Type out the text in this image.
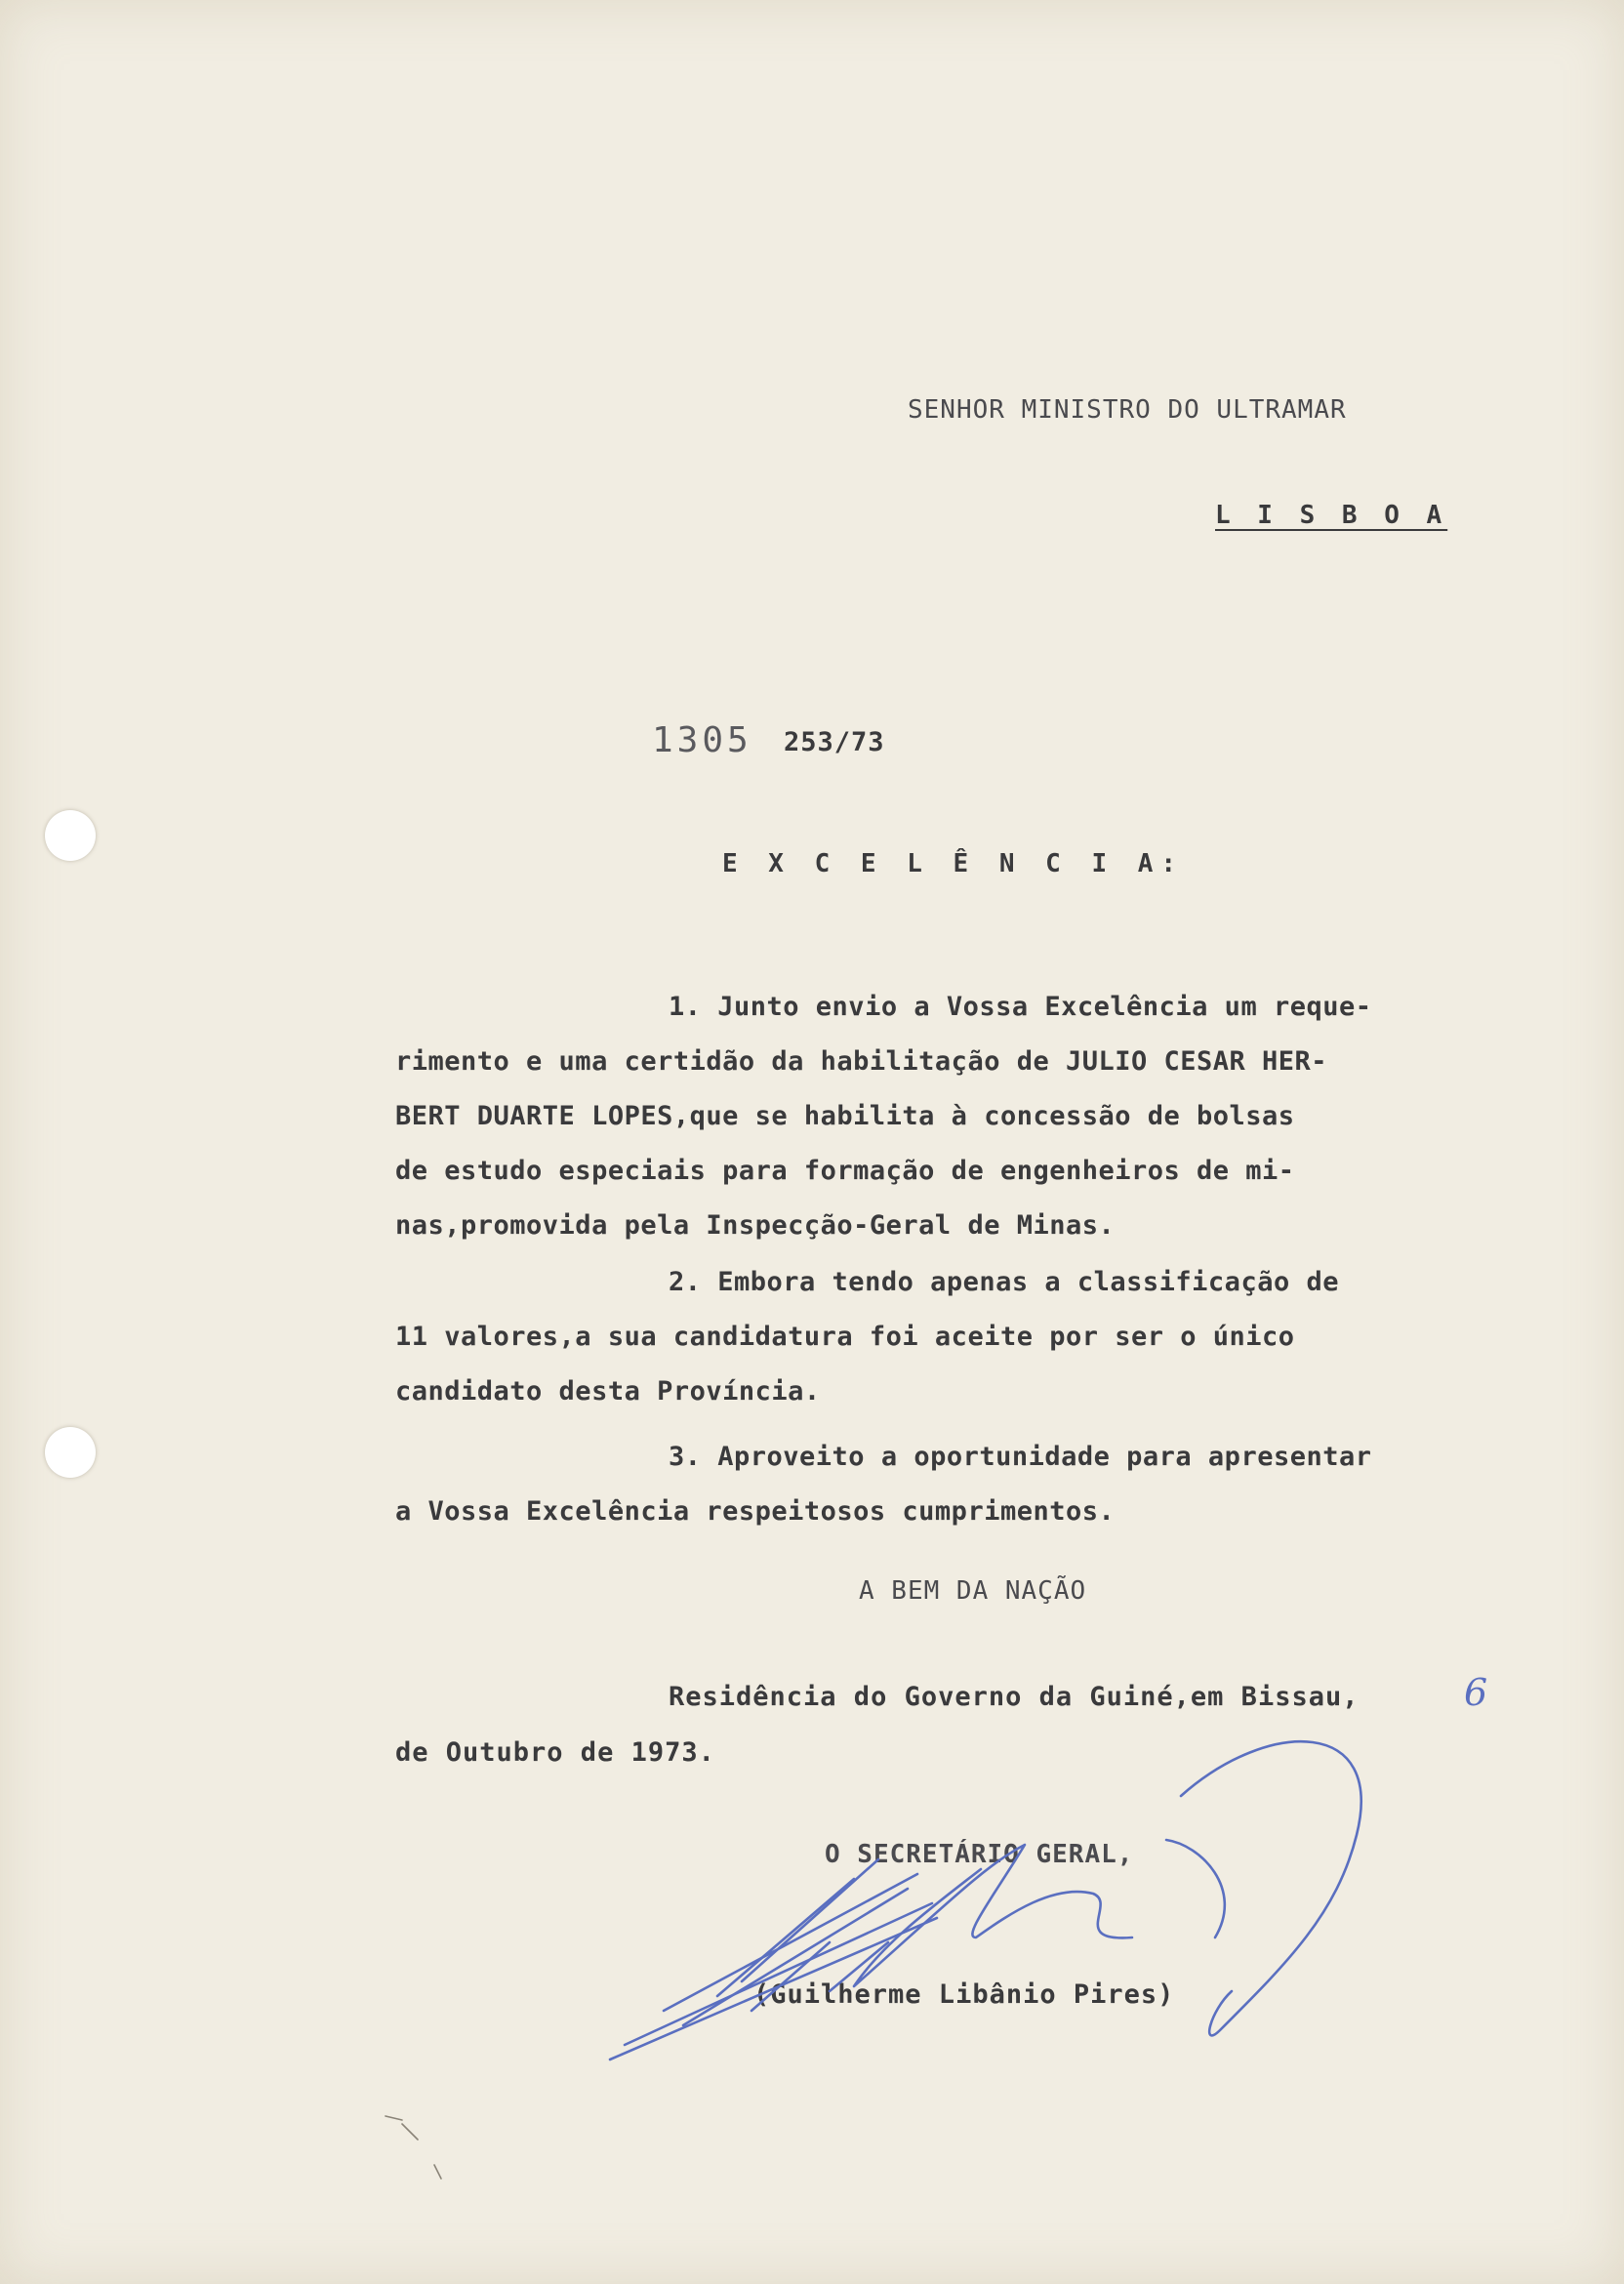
SENHOR MINISTRO DO ULTRAMAR
L I S B O A
1305 253/73
E X C E L Ê N C I A:
1. Junto envio a Vossa Excelência um reque-
rimento e uma certidão da habilitação de JULIO CESAR HER-
BERT DUARTE LOPES,que se habilita à concessão de bolsas
de estudo especiais para formação de engenheiros de mi-
nas,promovida pela Inspecção-Geral de Minas.
2. Embora tendo apenas a classificação de
11 valores,a sua candidatura foi aceite por ser o único
candidato desta Província.
3. Aproveito a oportunidade para apresentar
a Vossa Excelência respeitosos cumprimentos.
A BEM DA NAÇÃO
Residência do Governo da Guiné,em Bissau,	6
de Outubro de 1973.
O SECRETÁRIO GERAL,
(Guilherme Libânio Pires)
